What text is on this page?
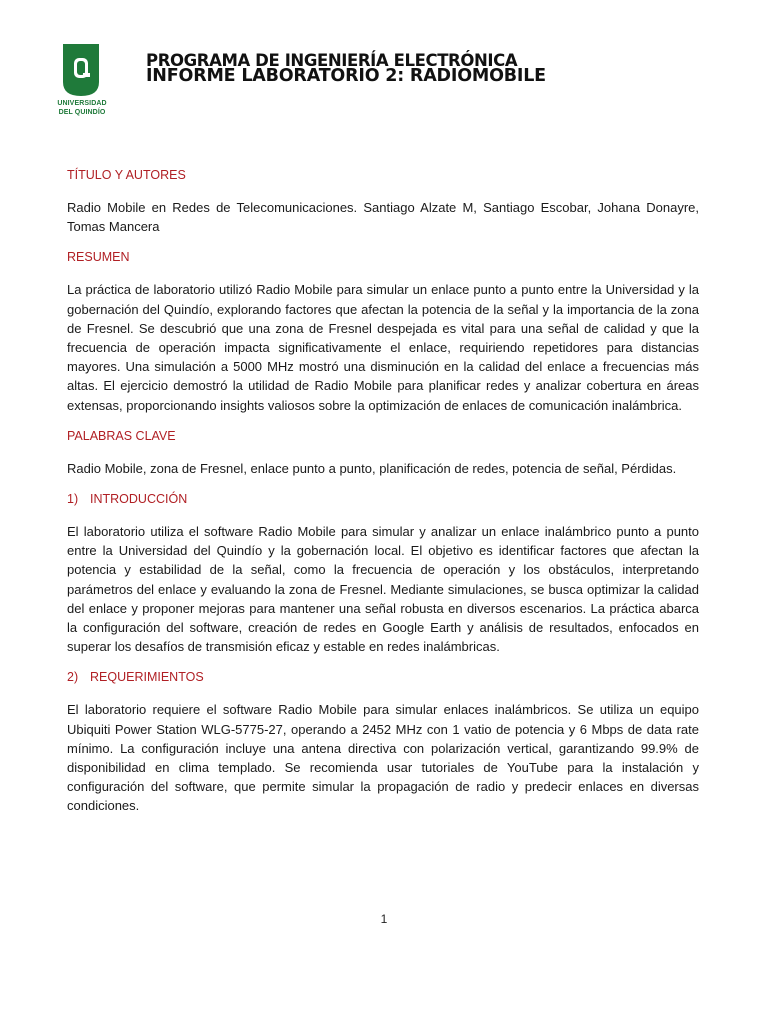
UNIVERSIDAD
DEL QUINDÍO
PROGRAMA DE INGENIERÍA ELECTRÓNICA
INFORME LABORATORIO 2: RADIOMOBILE

TÍTULO Y AUTORES

Radio Mobile en Redes de Telecomunicaciones. Santiago Alzate M, Santiago Escobar, Johana Donayre, Tomas Mancera

RESUMEN

La práctica de laboratorio utilizó Radio Mobile para simular un enlace punto a punto entre la Universidad y la gobernación del Quindío, explorando factores que afectan la potencia de la señal y la importancia de la zona de Fresnel. Se descubrió que una zona de Fresnel despejada es vital para una señal de calidad y que la frecuencia de operación impacta significativamente el enlace, requiriendo repetidores para distancias mayores. Una simulación a 5000 MHz mostró una disminución en la calidad del enlace a frecuencias más altas. El ejercicio demostró la utilidad de Radio Mobile para planificar redes y analizar cobertura en áreas extensas, proporcionando insights valiosos sobre la optimización de enlaces de comunicación inalámbrica.

PALABRAS CLAVE

Radio Mobile, zona de Fresnel, enlace punto a punto, planificación de redes, potencia de señal, Pérdidas.

1) INTRODUCCIÓN

El laboratorio utiliza el software Radio Mobile para simular y analizar un enlace inalámbrico punto a punto entre la Universidad del Quindío y la gobernación local. El objetivo es identificar factores que afectan la potencia y estabilidad de la señal, como la frecuencia de operación y los obstáculos, interpretando parámetros del enlace y evaluando la zona de Fresnel. Mediante simulaciones, se busca optimizar la calidad del enlace y proponer mejoras para mantener una señal robusta en diversos escenarios. La práctica abarca la configuración del software, creación de redes en Google Earth y análisis de resultados, enfocados en superar los desafíos de transmisión eficaz y estable en redes inalámbricas.

2) REQUERIMIENTOS

El laboratorio requiere el software Radio Mobile para simular enlaces inalámbricos. Se utiliza un equipo Ubiquiti Power Station WLG-5775-27, operando a 2452 MHz con 1 vatio de potencia y 6 Mbps de data rate mínimo. La configuración incluye una antena directiva con polarización vertical, garantizando 99.9% de disponibilidad en clima templado. Se recomienda usar tutoriales de YouTube para la instalación y configuración del software, que permite simular la propagación de radio y predecir enlaces en diversas condiciones.

1
